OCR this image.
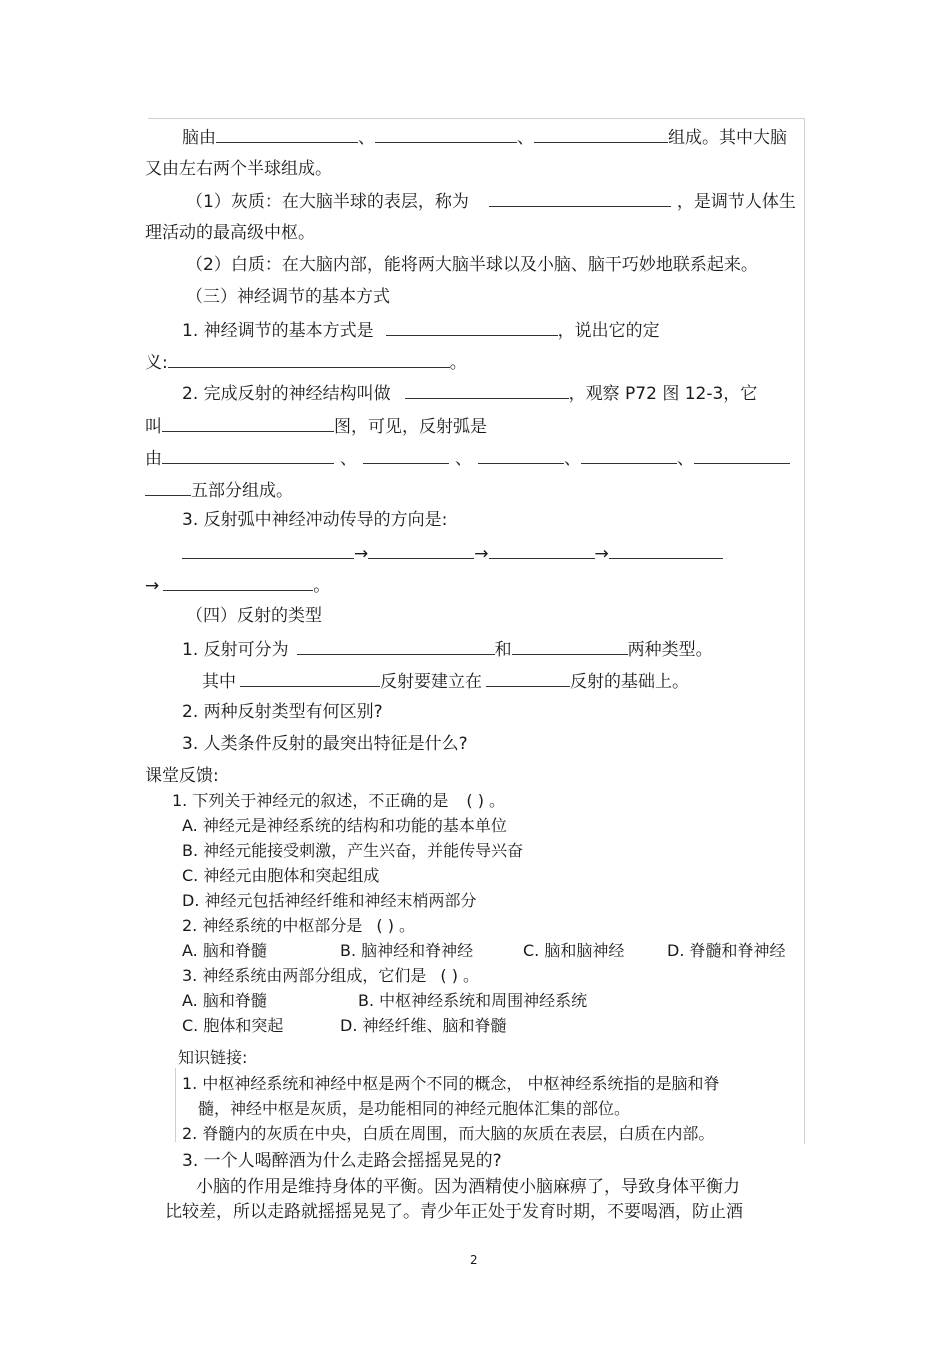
脑由	、	、	组成。其中大脑
又由左右两个半球组成。
（1）灰质：在大脑半球的表层，称为	，是调节人体生
理活动的最高级中枢。
（2）白质：在大脑内部，能将两大脑半球以及小脑、脑干巧妙地联系起来。
（三）神经调节的基本方式
1. 神经调节的基本方式是	，说出它的定
义:	。
2. 完成反射的神经结构叫做	，观察 P72 图 12-3，它
叫	图，可见，反射弧是
由	、	、	、	、
五部分组成。
3. 反射弧中神经冲动传导的方向是:
→	→	→
→	。
（四）反射的类型
1. 反射可分为	和	两种类型。
其中	反射要建立在	反射的基础上。
2. 两种反射类型有何区别?
3. 人类条件反射的最突出特征是什么?
课堂反馈:
1. 下列关于神经元的叙述，不正确的是 ( ) 。
A. 神经元是神经系统的结构和功能的基本单位
B. 神经元能接受刺激，产生兴奋，并能传导兴奋
C. 神经元由胞体和突起组成
D. 神经元包括神经纤维和神经末梢两部分
2. 神经系统的中枢部分是 ( ) 。
A. 脑和脊髓	B. 脑神经和脊神经	C. 脑和脑神经	D. 脊髓和脊神经
3. 神经系统由两部分组成，它们是 ( ) 。
A. 脑和脊髓	B. 中枢神经系统和周围神经系统
C. 胞体和突起	D. 神经纤维、脑和脊髓
知识链接:
1. 中枢神经系统和神经中枢是两个不同的概念， 中枢神经系统指的是脑和脊
髓，神经中枢是灰质，是功能相同的神经元胞体汇集的部位。
2. 脊髓内的灰质在中央，白质在周围，而大脑的灰质在表层，白质在内部。
3. 一个人喝醉酒为什么走路会摇摇晃晃的?
小脑的作用是维持身体的平衡。因为酒精使小脑麻痹了，导致身体平衡力
比较差，所以走路就摇摇晃晃了。青少年正处于发育时期，不要喝酒，防止酒
2
